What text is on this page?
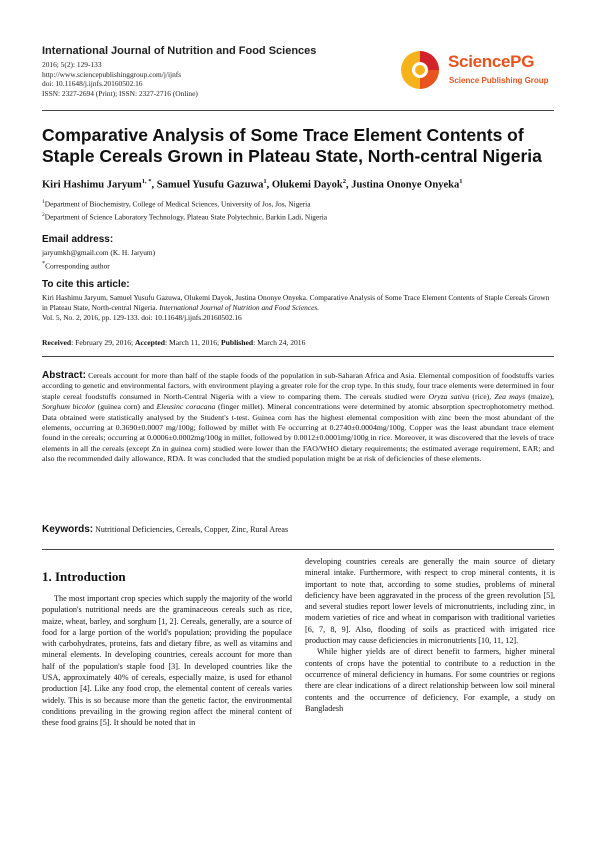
International Journal of Nutrition and Food Sciences
2016; 5(2): 129-133
http://www.sciencepublishinggroup.com/j/ijnfs
doi: 10.11648/j.ijnfs.20160502.16
ISSN: 2327-2694 (Print); ISSN: 2327-2716 (Online)
SciencePG
Science Publishing Group
Comparative Analysis of Some Trace Element Contents of Staple Cereals Grown in Plateau State, North-central Nigeria
Kiri Hashimu Jaryum$^{1, *}$, Samuel Yusufu Gazuwa$^1$, Olukemi Dayok$^2$, Justina Ononye Onyeka$^1$
$^1$Department of Biochemistry, College of Medical Sciences, University of Jos, Jos, Nigeria
$^2$Department of Science Laboratory Technology, Plateau State Polytechnic, Barkin Ladi, Nigeria
Email address:
jaryumkh@gmail.com (K. H. Jaryum)
*Corresponding author
To cite this article:
Kiri Hashimu Jaryum, Samuel Yusufu Gazuwa, Olukemi Dayok, Justina Ononye Onyeka. Comparative Analysis of Some Trace Element Contents of Staple Cereals Grown in Plateau State, North-central Nigeria. International Journal of Nutrition and Food Sciences.
Vol. 5, No. 2, 2016, pp. 129-133. doi: 10.11648/j.ijnfs.20160502.16
Received: February 29, 2016; Accepted: March 11, 2016; Published: March 24, 2016
Abstract: Cereals account for more than half of the staple foods of the population in sub-Saharan Africa and Asia. Elemental composition of foodstuffs varies according to genetic and environmental factors, with environment playing a greater role for the crop type. In this study, four trace elements were determined in four staple cereal foodstuffs consumed in North-Central Nigeria with a view to comparing them. The cereals studied were Oryza sativa (rice), Zea mays (maize), Sorghum bicolor (guinea corn) and Eleusinc coracana (finger millet). Mineral concentrations were determined by atomic absorption spectrophotometry method. Data obtained were statistically analysed by the Student's t-test. Guinea corn has the highest elemental composition with zinc been the most abundant of the elements, occurring at 0.3690±0.0007 mg/100g; followed by millet with Fe occurring at 0.2740±0.0004mg/100g. Copper was the least abundant trace element found in the cereals; occurring at 0.0006±0.0002mg/100g in millet, followed by 0.0012±0.0001mg/100g in rice. Moreover, it was discovered that the levels of trace elements in all the cereals (except Zn in guinea corn) studied were lower than the FAO/WHO dietary requirements; the estimated average requirement, EAR; and also the recommended daily allowance, RDA. It was concluded that the studied population might be at risk of deficiencies of these elements.
Keywords: Nutritional Deficiencies, Cereals, Copper, Zinc, Rural Areas
1. Introduction

The most important crop species which supply the majority of the world population's nutritional needs are the graminaceous cereals such as rice, maize, wheat, barley, and sorghum [1, 2]. Cereals, generally, are a source of food for a large portion of the world's population; providing the populace with carbohydrates, proteins, fats and dietary fibre, as well as vitamins and mineral elements. In developing countries, cereals account for more than half of the population's staple food [3]. In developed countries like the USA, approximately 40% of cereals, especially maize, is used for ethanol production [4]. Like any food crop, the elemental content of cereals varies widely. This is so because more than the genetic factor, the environmental conditions prevailing in the growing region affect the mineral content of these food grains [5]. It should be noted that in

developing countries cereals are generally the main source of dietary mineral intake. Furthermore, with respect to crop mineral contents, it is important to note that, according to some studies, problems of mineral deficiency have been aggravated in the process of the green revolution [5], and several studies report lower levels of micronutrients, including zinc, in modern varieties of rice and wheat in comparison with traditional varieties [6, 7, 8, 9]. Also, flooding of soils as practiced with irrigated rice production may cause deficiencies in micronutrients [10, 11, 12].

While higher yields are of direct benefit to farmers, higher mineral contents of crops have the potential to contribute to a reduction in the occurrence of mineral deficiency in humans. For some countries or regions there are clear indications of a direct relationship between low soil mineral contents and the occurrence of deficiency. For example, a study on Bangladesh
